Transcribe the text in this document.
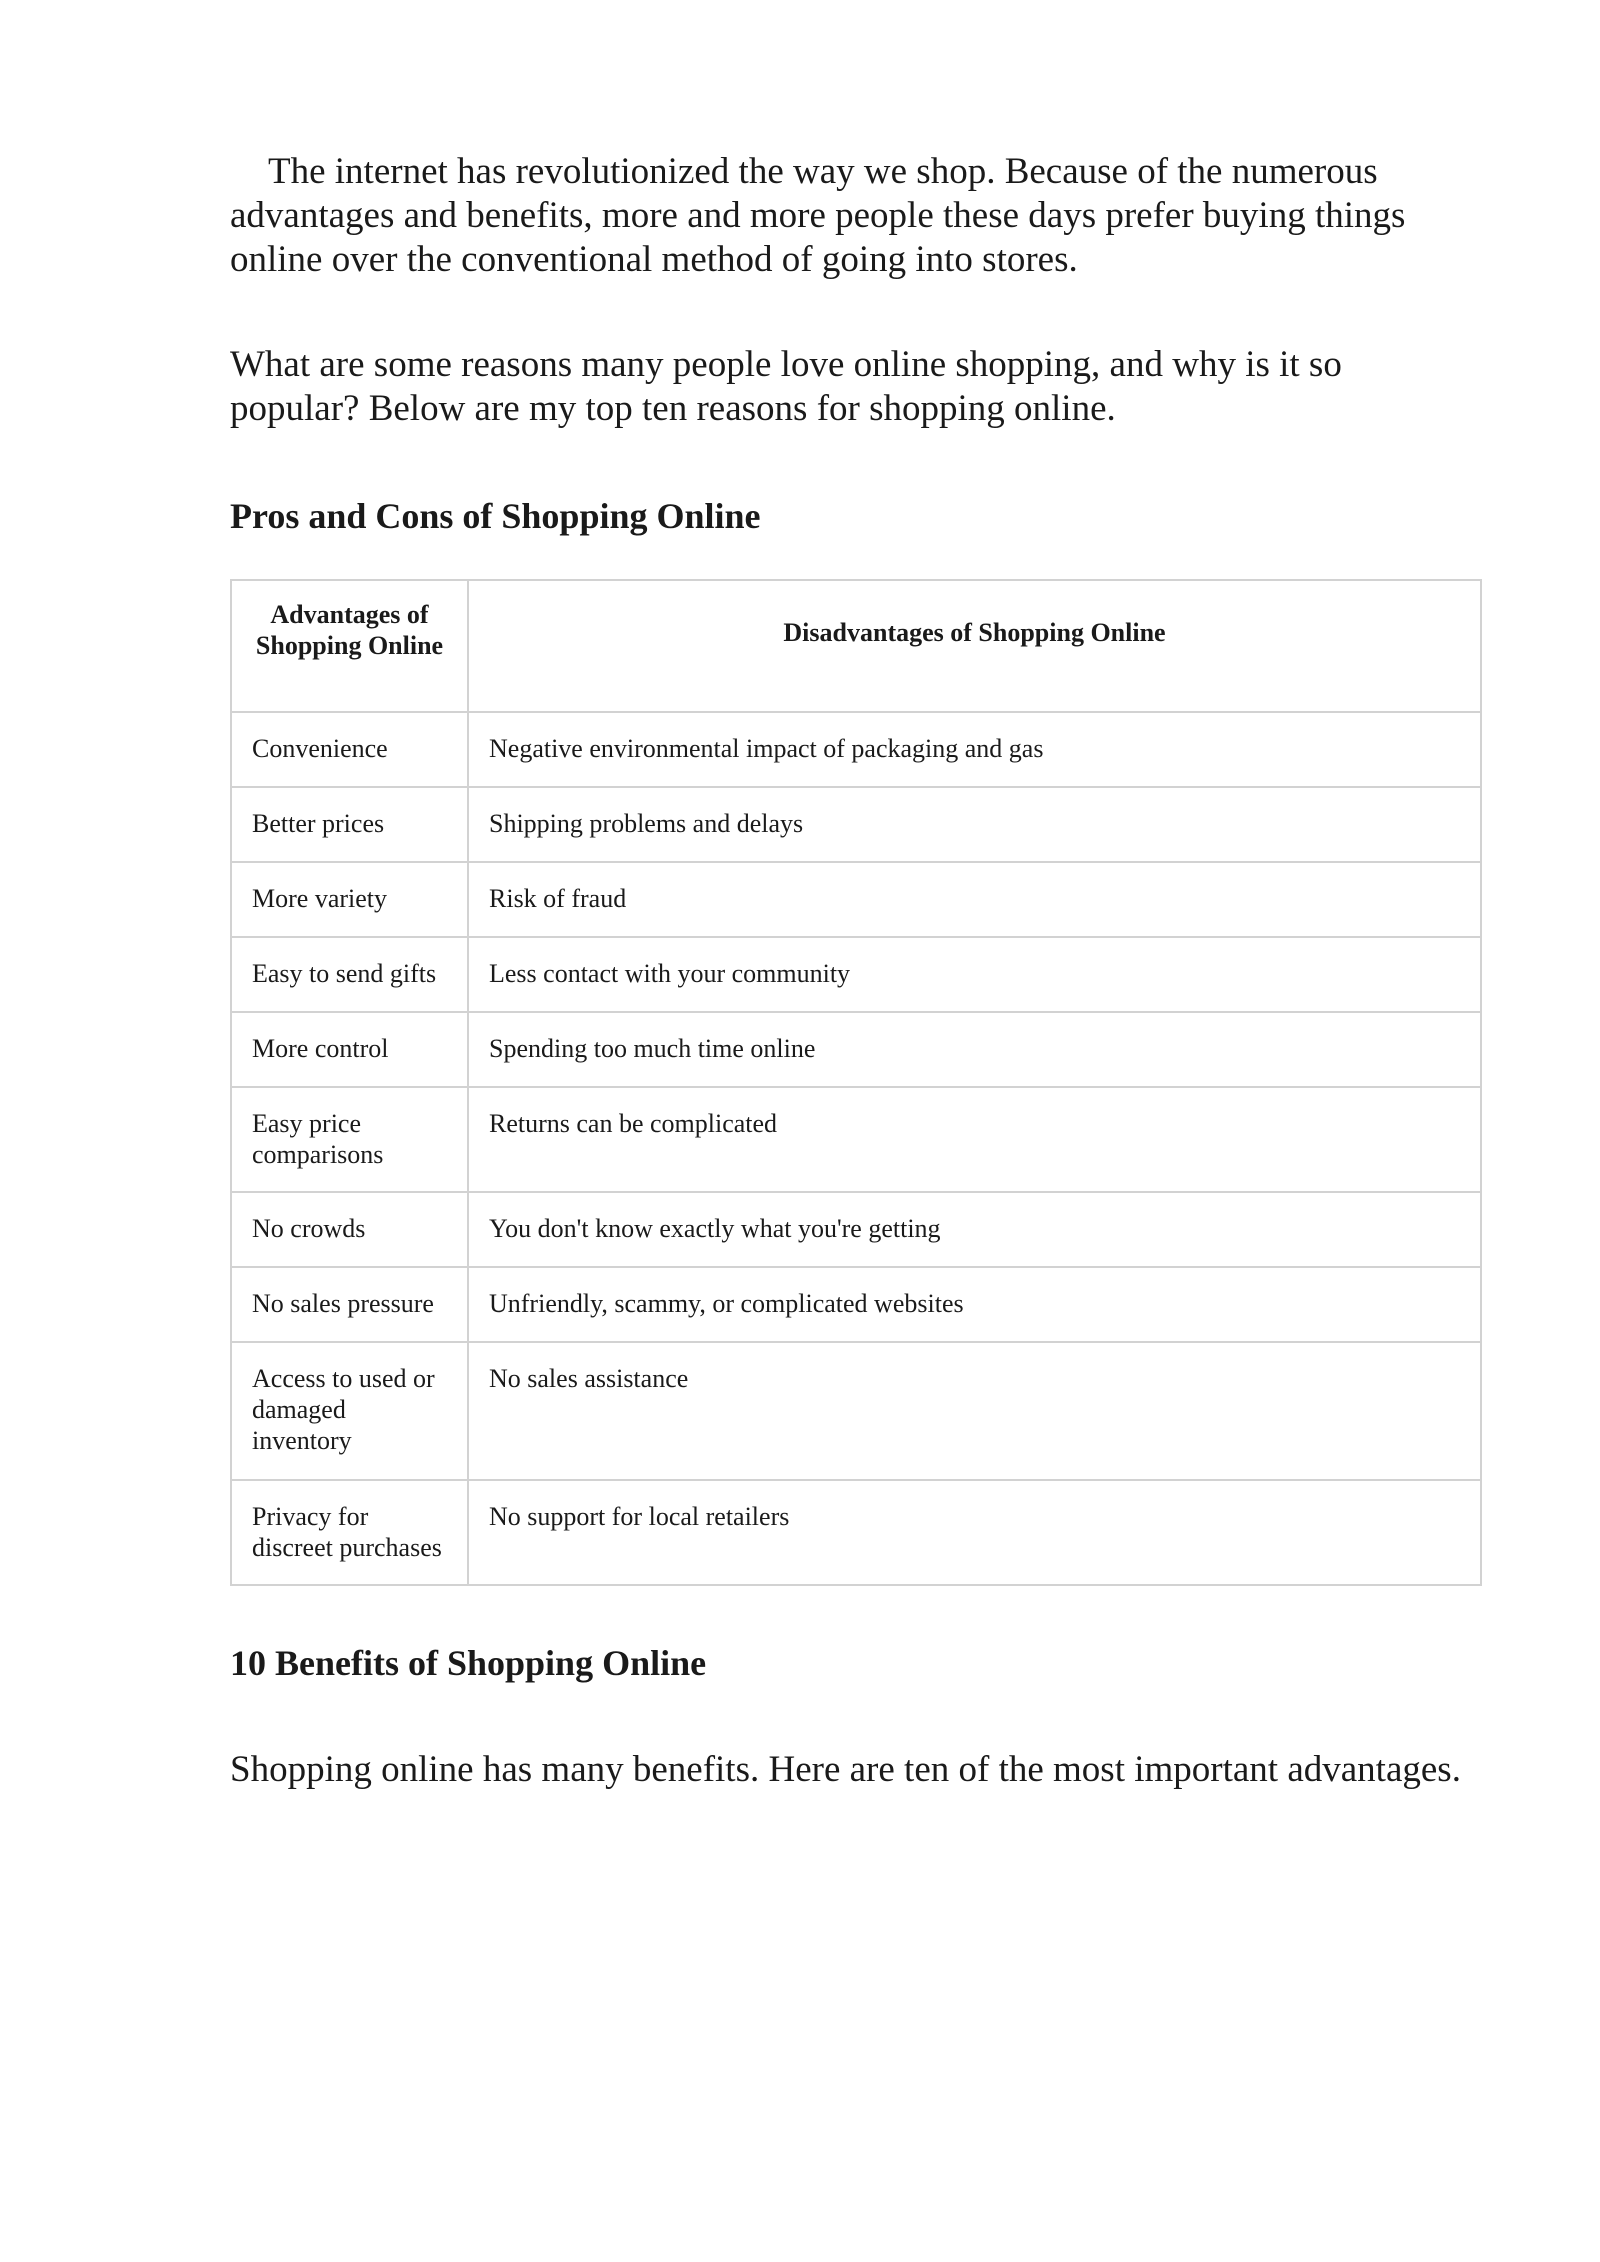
The internet has revolutionized the way we shop. Because of the numerous advantages and benefits, more and more people these days prefer buying things online over the conventional method of going into stores.

What are some reasons many people love online shopping, and why is it so popular? Below are my top ten reasons for shopping online.

Pros and Cons of Shopping Online
Advantages of Shopping Online	Disadvantages of Shopping Online
Convenience	Negative environmental impact of packaging and gas
Better prices	Shipping problems and delays
More variety	Risk of fraud
Easy to send gifts	Less contact with your community
More control	Spending too much time online
Easy price comparisons	Returns can be complicated
No crowds	You don't know exactly what you're getting
No sales pressure	Unfriendly, scammy, or complicated websites
Access to used or damaged inventory	No sales assistance
Privacy for discreet purchases	No support for local retailers
10 Benefits of Shopping Online

Shopping online has many benefits. Here are ten of the most important advantages.
